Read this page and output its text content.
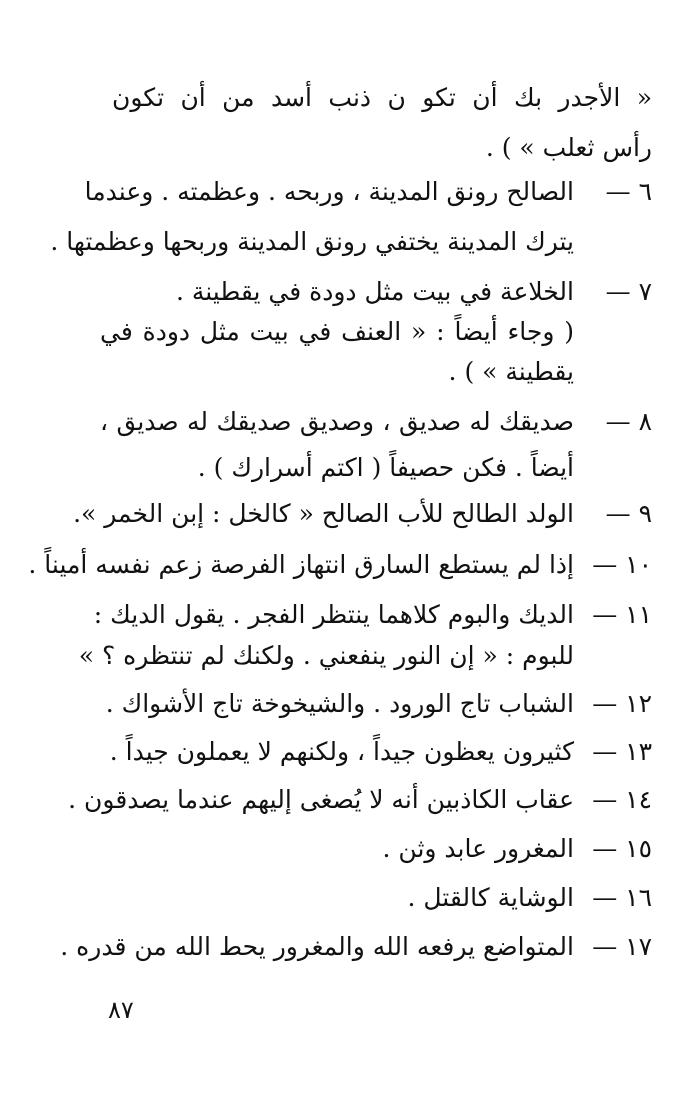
« الأجدر بك أن تكو ن ذنب أسد من أن تكون
رأس ثعلب » ) .
٦ —
الصالح رونق المدينة ، وربحه . وعظمته . وعندما
يترك المدينة يختفي رونق المدينة وربحها وعظمتها .
٧ —
الخلاعة في بيت مثل دودة في يقطينة .
( وجاء أيضاً : « العنف في بيت مثل دودة في
يقطينة » ) .
٨ —
صديقك له صديق ، وصديق صديقك له صديق ،
أيضاً . فكن حصيفاً ( اكتم أسرارك ) .
٩ —
الولد الطالح للأب الصالح « كالخل : إبن الخمر ».
١٠ —
إذا لم يستطع السارق انتهاز الفرصة زعم نفسه أميناً .
١١ —
الديك والبوم كلاهما ينتظر الفجر . يقول الديك :
للبوم : « إن النور ينفعني . ولكنك لم تنتظره ؟ »
١٢ —
الشباب تاج الورود . والشيخوخة تاج الأشواك .
١٣ —
كثيرون يعظون جيداً ، ولكنهم لا يعملون جيداً .
١٤ —
عقاب الكاذبين أنه لا يُصغى إليهم عندما يصدقون .
١٥ —
المغرور عابد وثن .
١٦ —
الوشاية كالقتل .
١٧ —
المتواضع يرفعه الله والمغرور يحط الله من قدره .
٨٧
